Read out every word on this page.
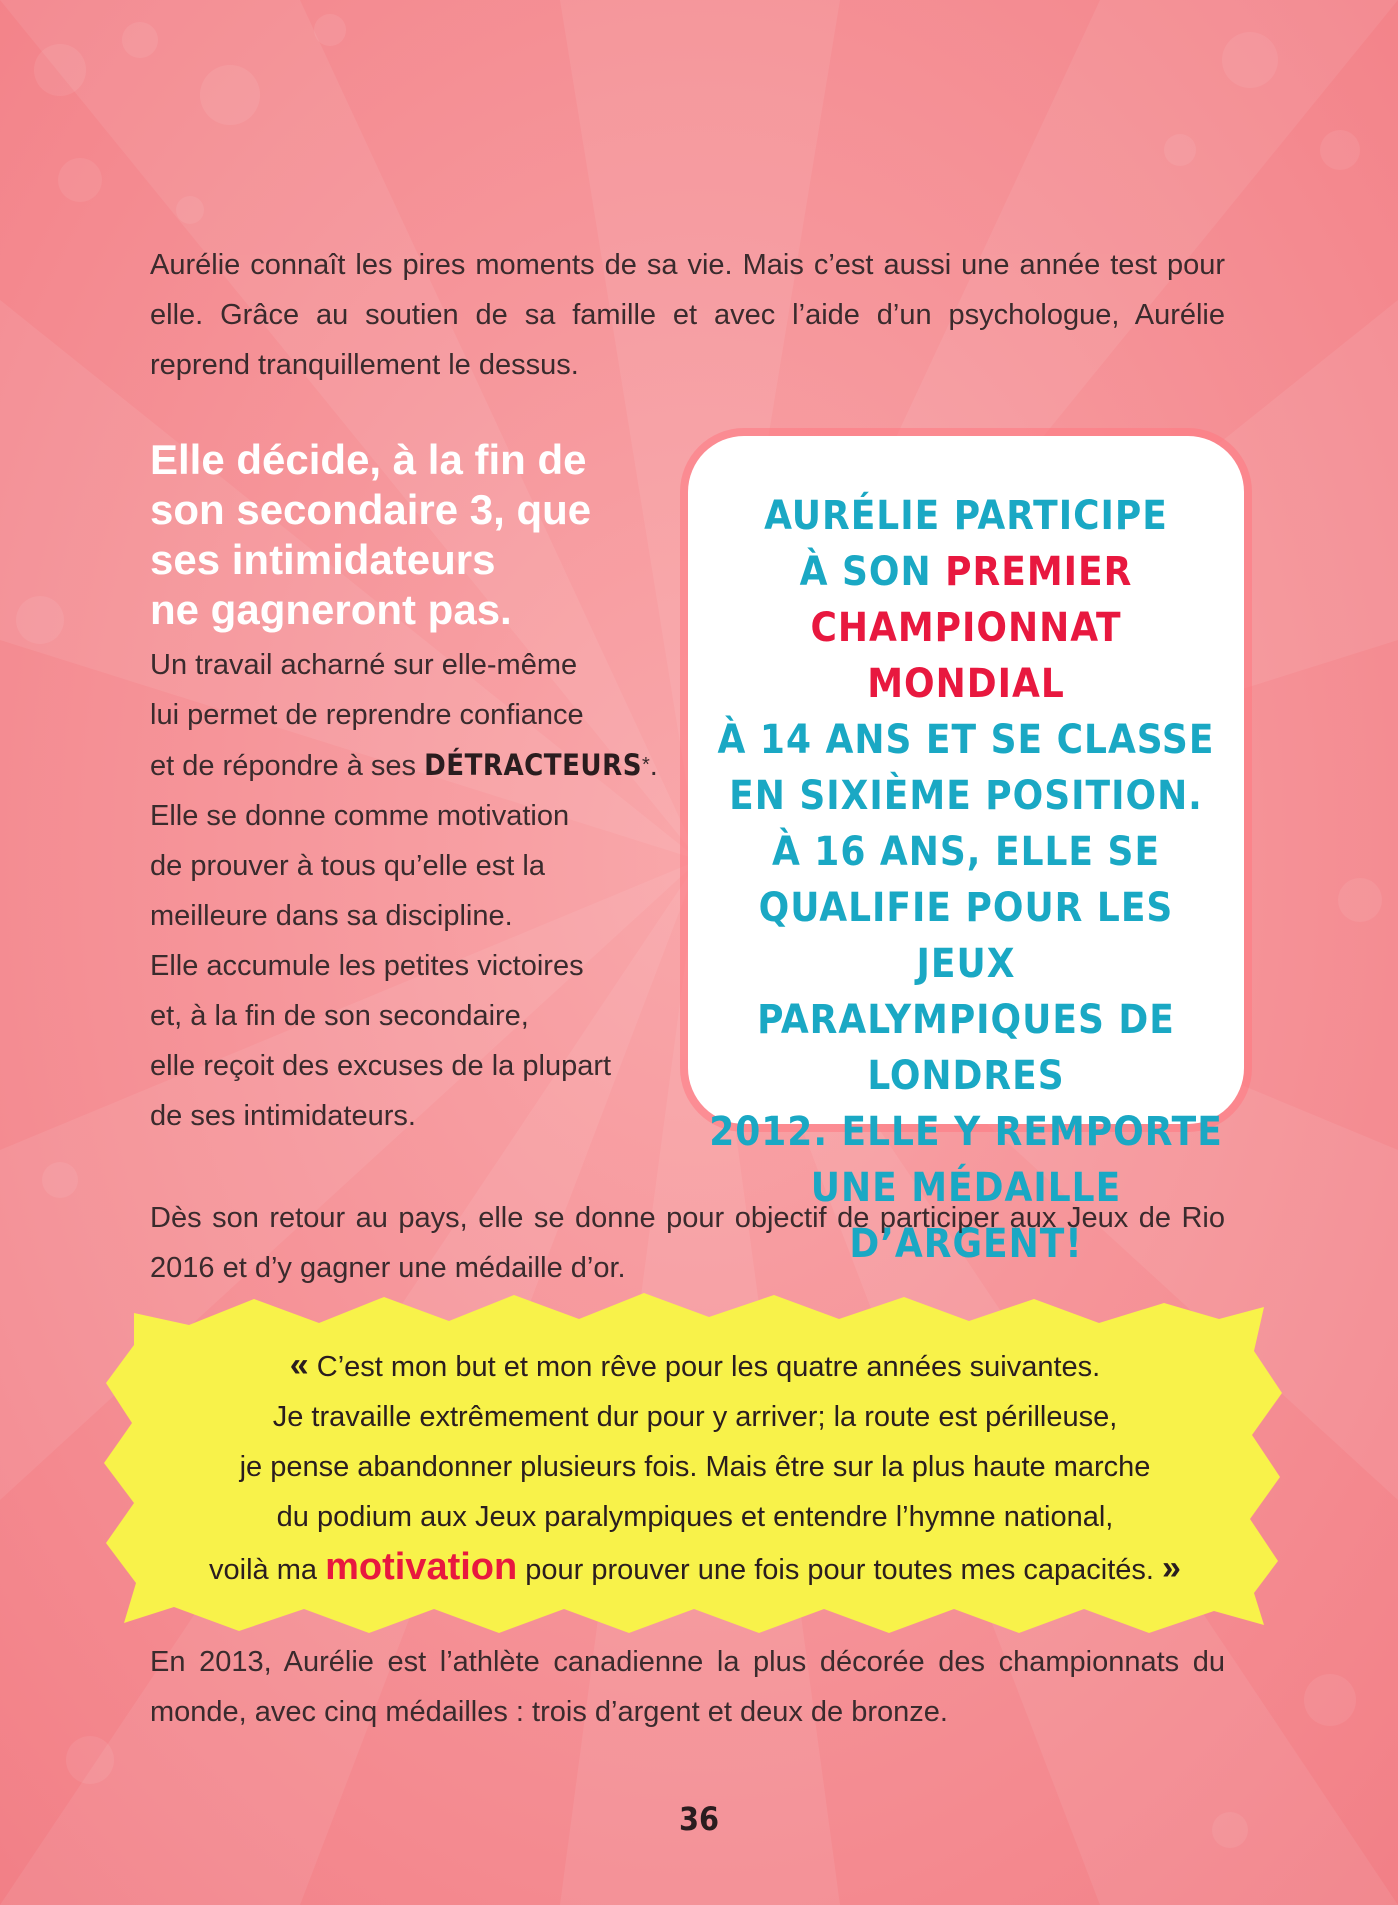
Aurélie connaît les pires moments de sa vie. Mais c’est aussi une année test pour elle. Grâce au soutien de sa famille et avec l’aide d’un psychologue, Aurélie reprend tranquillement le dessus.

Elle décide, à la fin de
son secondaire 3, que
ses intimidateurs
ne gagneront pas.
Un travail acharné sur elle-même
lui permet de reprendre confiance
et de répondre à ses DÉTRACTEURS*.
Elle se donne comme motivation
de prouver à tous qu’elle est la
meilleure dans sa discipline.
Elle accumule les petites victoires
et, à la fin de son secondaire,
elle reçoit des excuses de la plupart
de ses intimidateurs.
AURÉLIE PARTICIPE
À SON PREMIER
CHAMPIONNAT MONDIAL
À 14 ANS ET SE CLASSE
EN SIXIÈME POSITION.
À 16 ANS, ELLE SE
QUALIFIE POUR LES JEUX
PARALYMPIQUES DE LONDRES
2012. ELLE Y REMPORTE
UNE MÉDAILLE D’ARGENT!

Dès son retour au pays, elle se donne pour objectif de participer aux Jeux de Rio 2016 et d’y gagner une médaille d’or.

« C’est mon but et mon rêve pour les quatre années suivantes.
Je travaille extrêmement dur pour y arriver; la route est périlleuse,
je pense abandonner plusieurs fois. Mais être sur la plus haute marche
du podium aux Jeux paralympiques et entendre l’hymne national,
voilà ma motivation pour prouver une fois pour toutes mes capacités. »

En 2013, Aurélie est l’athlète canadienne la plus décorée des championnats du monde, avec cinq médailles : trois d’argent et deux de bronze.

36
